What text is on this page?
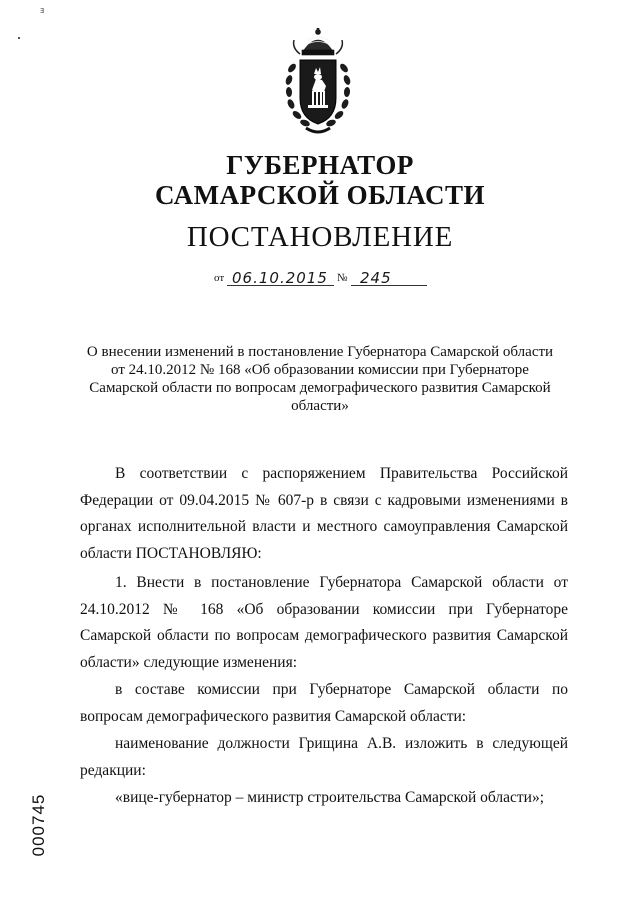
ⱻ
ГУБЕРНАТОР
САМАРСКОЙ ОБЛАСТИ
ПОСТАНОВЛЕНИЕ
от 06.10.2015 № 245
О внесении изменений в постановление Губернатора Самарской области от 24.10.2012 № 168 «Об образовании комиссии при Губернаторе Самарской области по вопросам демографического развития Самарской области»
В соответствии с распоряжением Правительства Российской Федерации от 09.04.2015 № 607-р в связи с кадровыми изменениями в органах исполнительной власти и местного самоуправления Самарской области ПОСТАНОВЛЯЮ:
1. Внести в постановление Губернатора Самарской области от 24.10.2012 № 168 «Об образовании комиссии при Губернаторе Самарской области по вопросам демографического развития Самарской области» следующие изменения:
в составе комиссии при Губернаторе Самарской области по вопросам демографического развития Самарской области:
наименование должности Грищина А.В. изложить в следующей редакции:
«вице-губернатор – министр строительства Самарской области»;
000745
